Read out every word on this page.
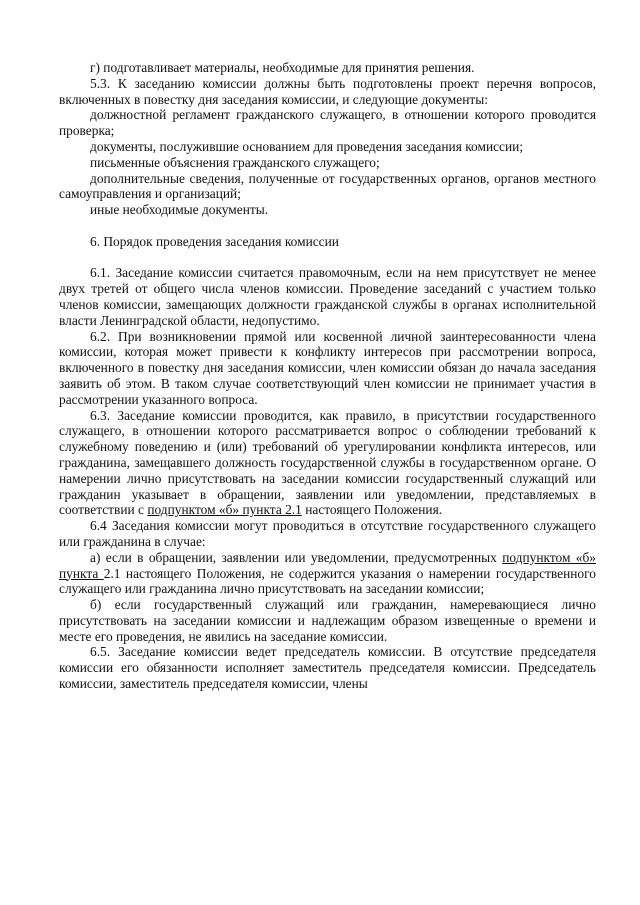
г) подготавливает материалы, необходимые для принятия решения.

5.3. К заседанию комиссии должны быть подготовлены проект перечня вопросов, включенных в повестку дня заседания комиссии, и следующие документы:

должностной регламент гражданского служащего, в отношении которого проводится проверка;

документы, послужившие основанием для проведения заседания комиссии;

письменные объяснения гражданского служащего;

дополнительные сведения, полученные от государственных органов, органов местного самоуправления и организаций;

иные необходимые документы.

6. Порядок проведения заседания комиссии

6.1. Заседание комиссии считается правомочным, если на нем присутствует не менее двух третей от общего числа членов комиссии. Проведение заседаний с участием только членов комиссии, замещающих должности гражданской службы в органах исполнительной власти Ленинградской области, недопустимо.

6.2. При возникновении прямой или косвенной личной заинтересованности члена комиссии, которая может привести к конфликту интересов при рассмотрении вопроса, включенного в повестку дня заседания комиссии, член комиссии обязан до начала заседания заявить об этом. В таком случае соответствующий член комиссии не принимает участия в рассмотрении указанного вопроса.

6.3. Заседание комиссии проводится, как правило, в присутствии государственного служащего, в отношении которого рассматривается вопрос о соблюдении требований к служебному поведению и (или) требований об урегулировании конфликта интересов, или гражданина, замещавшего должность государственной службы в государственном органе. О намерении лично присутствовать на заседании комиссии государственный служащий или гражданин указывает в обращении, заявлении или уведомлении, представляемых в соответствии с подпунктом «б» пункта 2.1 настоящего Положения.

6.4 Заседания комиссии могут проводиться в отсутствие государственного служащего или гражданина в случае:

а) если в обращении, заявлении или уведомлении, предусмотренных подпунктом «б» пункта 2.1 настоящего Положения, не содержится указания о намерении государственного служащего или гражданина лично присутствовать на заседании комиссии;

б) если государственный служащий или гражданин, намеревающиеся лично присутствовать на заседании комиссии и надлежащим образом извещенные о времени и месте его проведения, не явились на заседание комиссии.

6.5. Заседание комиссии ведет председатель комиссии. В отсутствие председателя комиссии его обязанности исполняет заместитель председателя комиссии. Председатель комиссии, заместитель председателя комиссии, члены
